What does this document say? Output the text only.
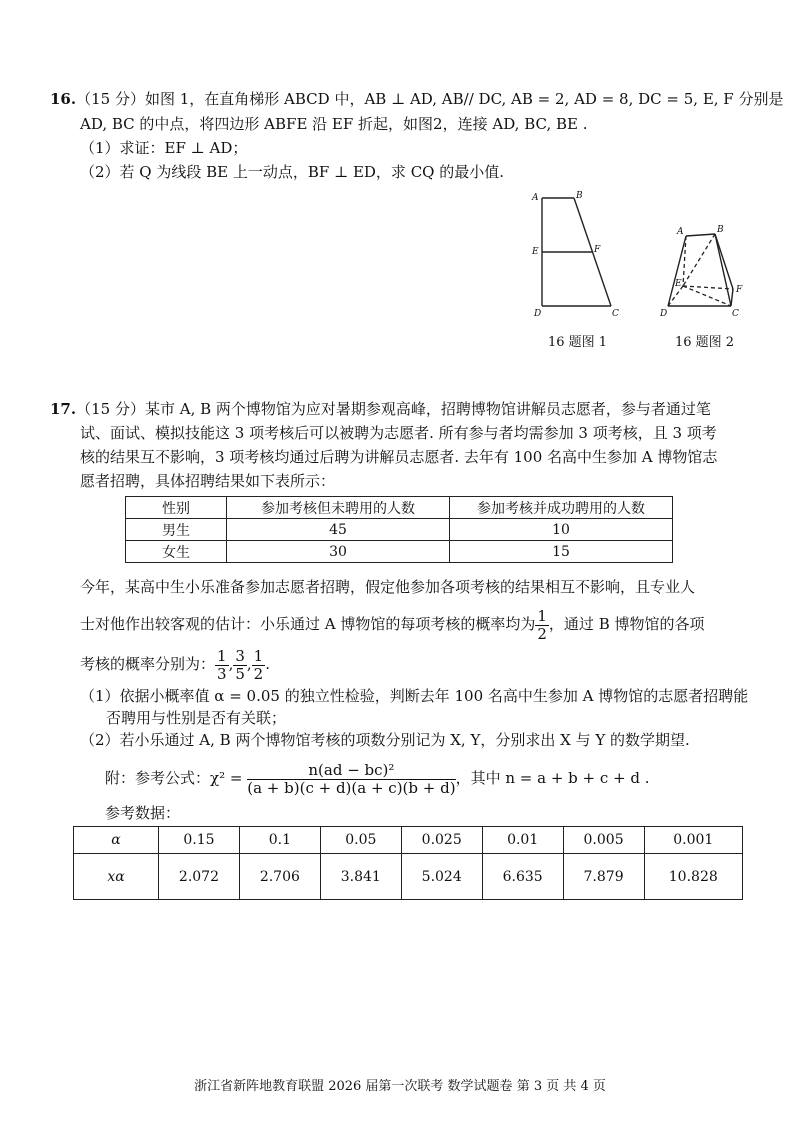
16.（15 分）如图 1，在直角梯形 ABCD 中，AB ⊥ AD, AB// DC, AB = 2, AD = 8, DC = 5, E, F 分别是
AD, BC 的中点，将四边形 ABFE 沿 EF 折起，如图2，连接 AD, BC, BE .
（1）求证：EF ⊥ AD；
（2）若 Q 为线段 BE 上一动点，BF ⊥ ED，求 CQ 的最小值.
A	B
E	F
D	C
16 题图 1
A	B
E
F
D	C
16 题图 2
17.（15 分）某市 A, B 两个博物馆为应对暑期参观高峰，招聘博物馆讲解员志愿者，参与者通过笔
试、面试、模拟技能这 3 项考核后可以被聘为志愿者. 所有参与者均需参加 3 项考核，且 3 项考
核的结果互不影响，3 项考核均通过后聘为讲解员志愿者. 去年有 100 名高中生参加 A 博物馆志
愿者招聘，具体招聘结果如下表所示：
性别	参加考核但未聘用的人数	参加考核并成功聘用的人数
男生	45	10
女生	30	15
今年，某高中生小乐准备参加志愿者招聘，假定他参加各项考核的结果相互不影响，且专业人
士对他作出较客观的估计：小乐通过 A 博物馆的每项考核的概率均为 $\frac{1}{2}$ ，通过 B 博物馆的各项
考核的概率分别为： $\frac{1}{3}$ , $\frac{3}{5}$ , $\frac{1}{2}$ .
（1）依据小概率值 α = 0.05 的独立性检验，判断去年 100 名高中生参加 A 博物馆的志愿者招聘能
否聘用与性别是否有关联；
（2）若小乐通过 A, B 两个博物馆考核的项数分别记为 X, Y，分别求出 X 与 Y 的数学期望.
附：参考公式：$\chi^2 = \frac{\text{n(ad − bc)²}}{(a + b)(c + d)(a + c)(b + d)}$ ，其中 n = a + b + c + d .
参考数据：
α	0.15	0.1	0.05	0.025	0.01	0.005	0.001
xα	2.072	2.706	3.841	5.024	6.635	7.879	10.828
浙江省新阵地教育联盟 2026 届第一次联考 数学试题卷 第 3 页 共 4 页
